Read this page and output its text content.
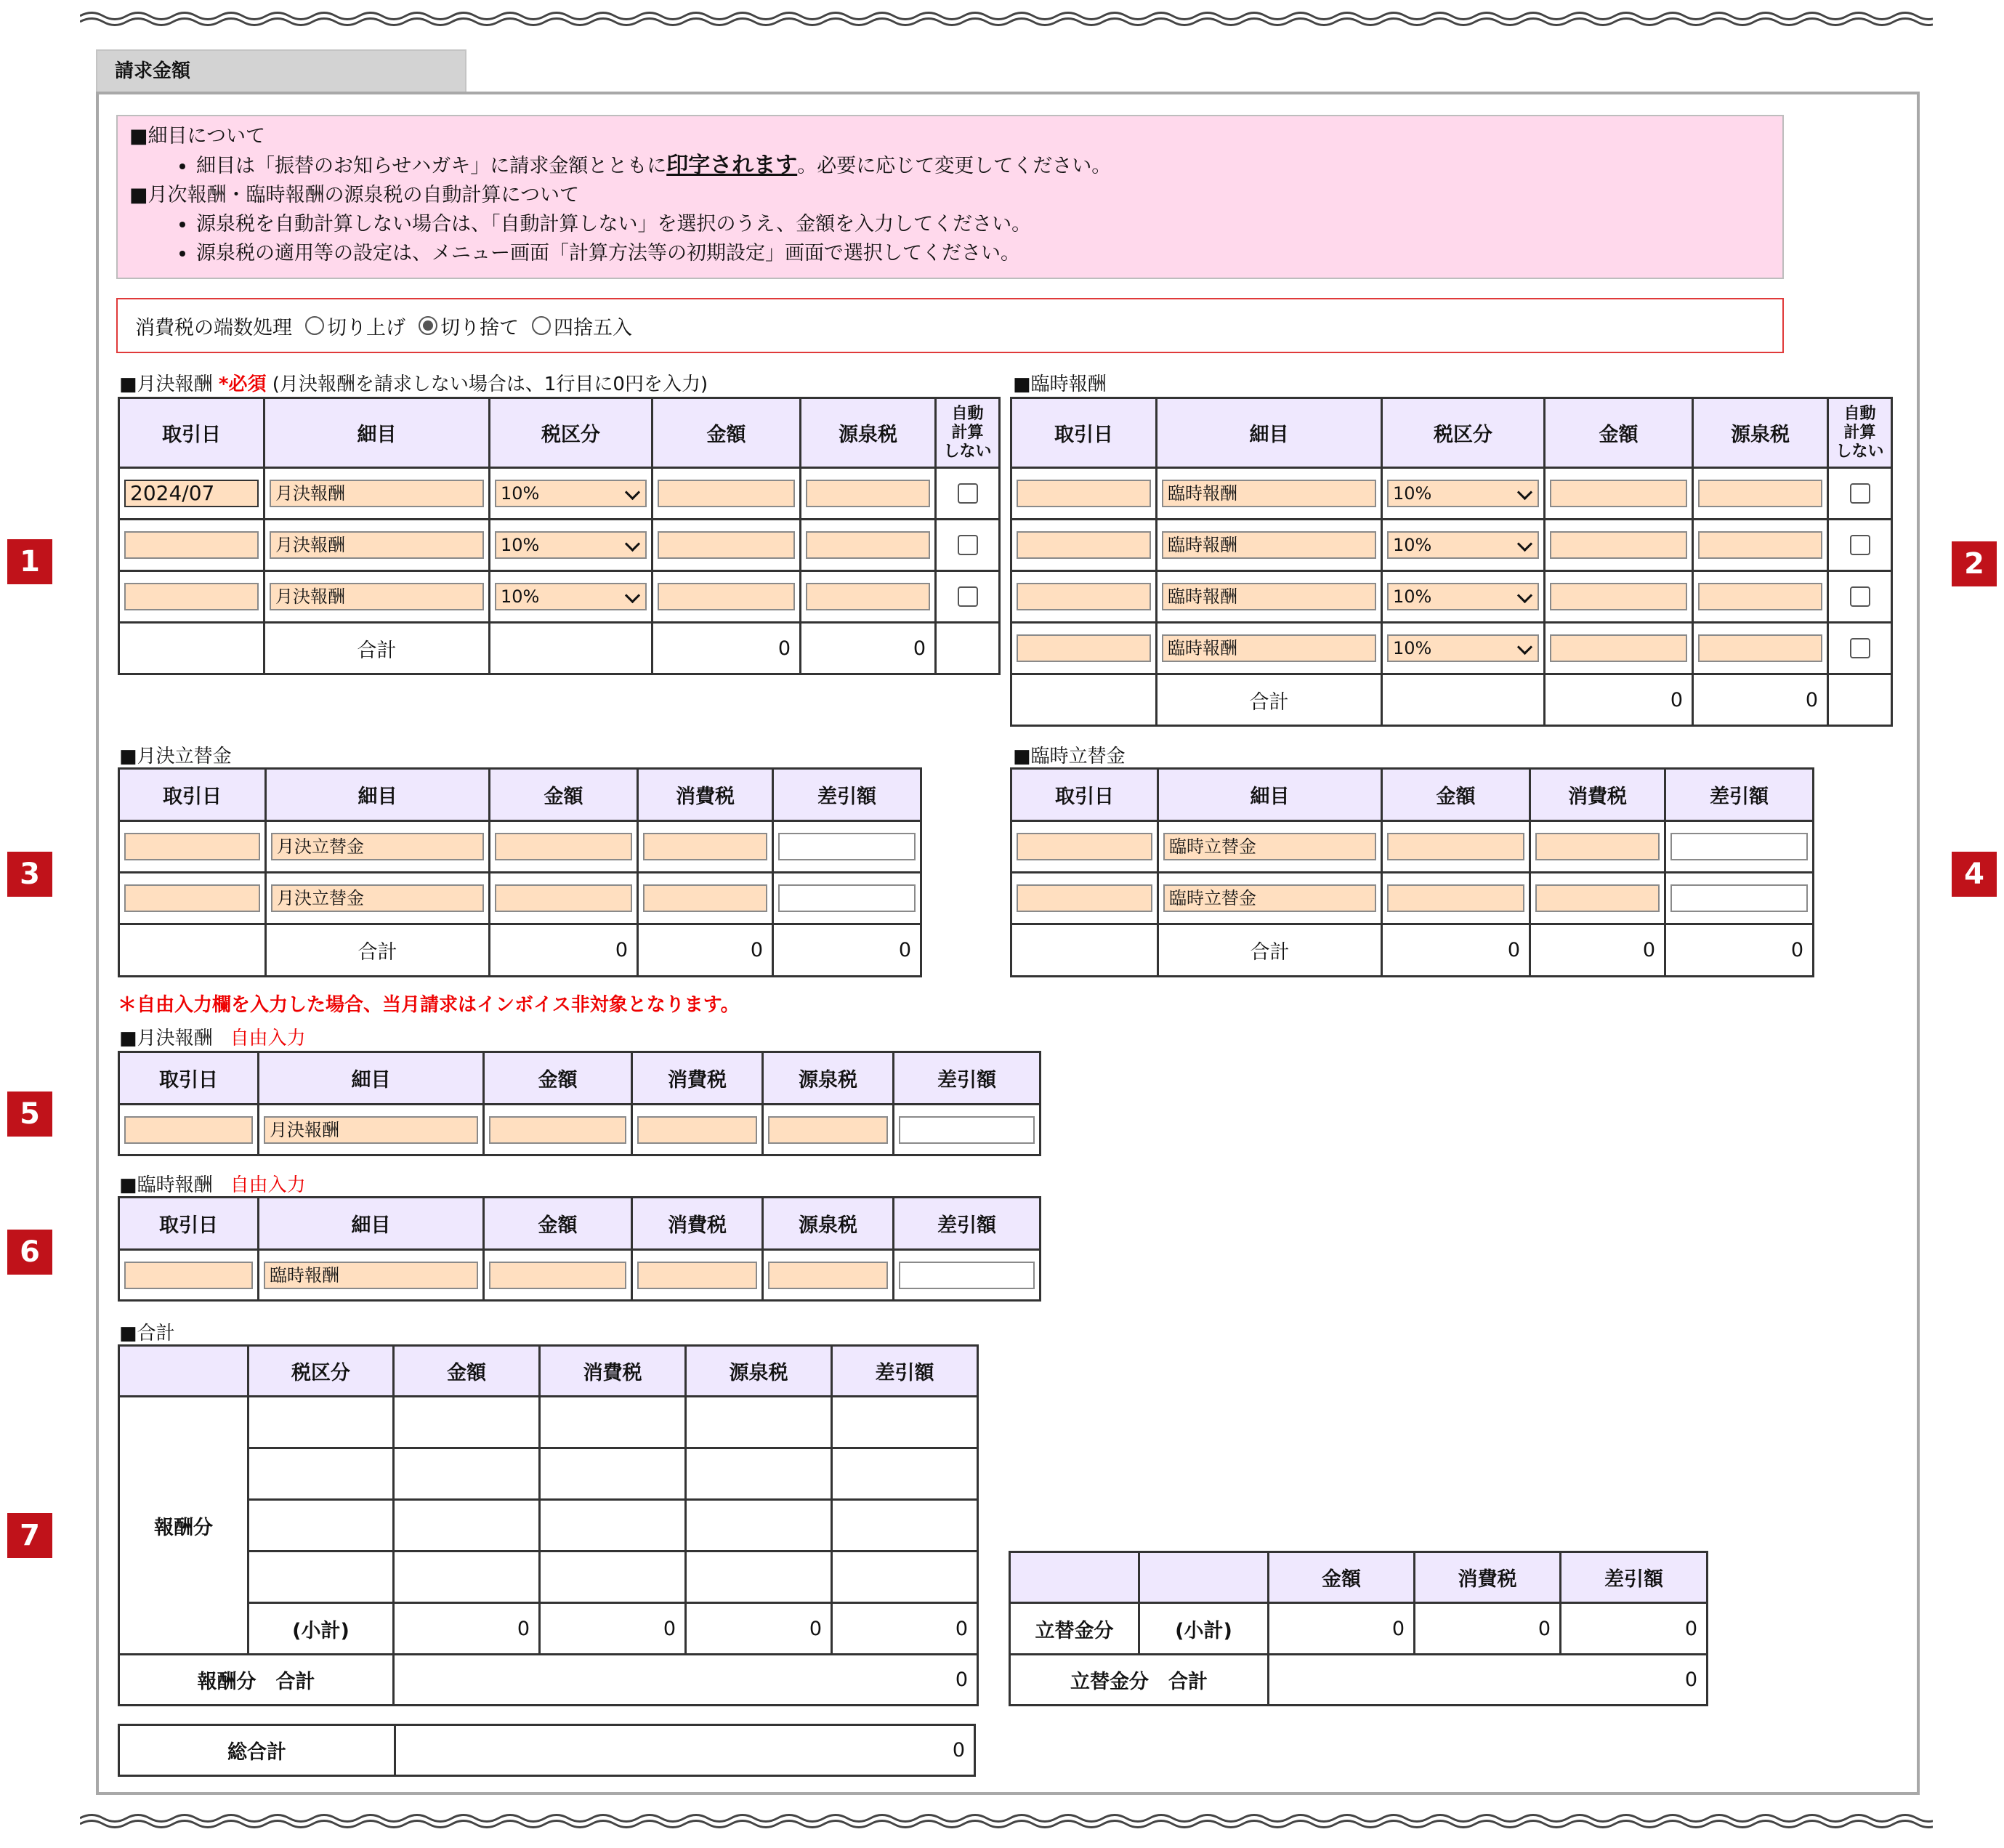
請求金額

■細目について

• 細目は「振替のお知らせハガキ」に請求金額とともに印字されます。必要に応じて変更してください。

■月次報酬・臨時報酬の源泉税の自動計算について

• 源泉税を自動計算しない場合は、「自動計算しない」を選択のうえ、金額を入力してください。
• 源泉税の適用等の設定は、メニュー画面「計算方法等の初期設定」画面で選択してください。
消費税の端数処理 切り上げ 切り捨て 四捨五入
1	2
3	4
5
6
7
■月決報酬 *必須 (月決報酬を請求しない場合は、1行目に0円を入力)
取引日	細目	税区分	金額	源泉税	自動
計算
しない

2024/07	月決報酬	10%			

	月決報酬	10%			

	月決報酬	10%			

	合計		0	0	
■臨時報酬
取引日	細目	税区分	金額	源泉税	自動
計算
しない

	臨時報酬	10%			

	臨時報酬	10%			

	臨時報酬	10%			

	臨時報酬	10%			

	合計		0	0	
■月決立替金
取引日	細目	金額	消費税	差引額

	月決立替金			

	月決立替金			

	合計	0	0	0
■臨時立替金
取引日	細目	金額	消費税	差引額

	臨時立替金			

	臨時立替金			

	合計	0	0	0
＊自由入力欄を入力した場合、当月請求はインボイス非対象となります。
■月決報酬 自由入力
取引日	細目	金額	消費税	源泉税	差引額

	月決報酬				

■臨時報酬 自由入力
取引日	細目	金額	消費税	源泉税	差引額

	臨時報酬				

■合計
	税区分	金額	消費税	源泉税	差引額
報酬分					

	(小計)	0	0	0	0
報酬分　合計		0			
		金額	消費税	差引額
立替金分	(小計)	0	0	0
立替金分　合計		0		
総合計	0
